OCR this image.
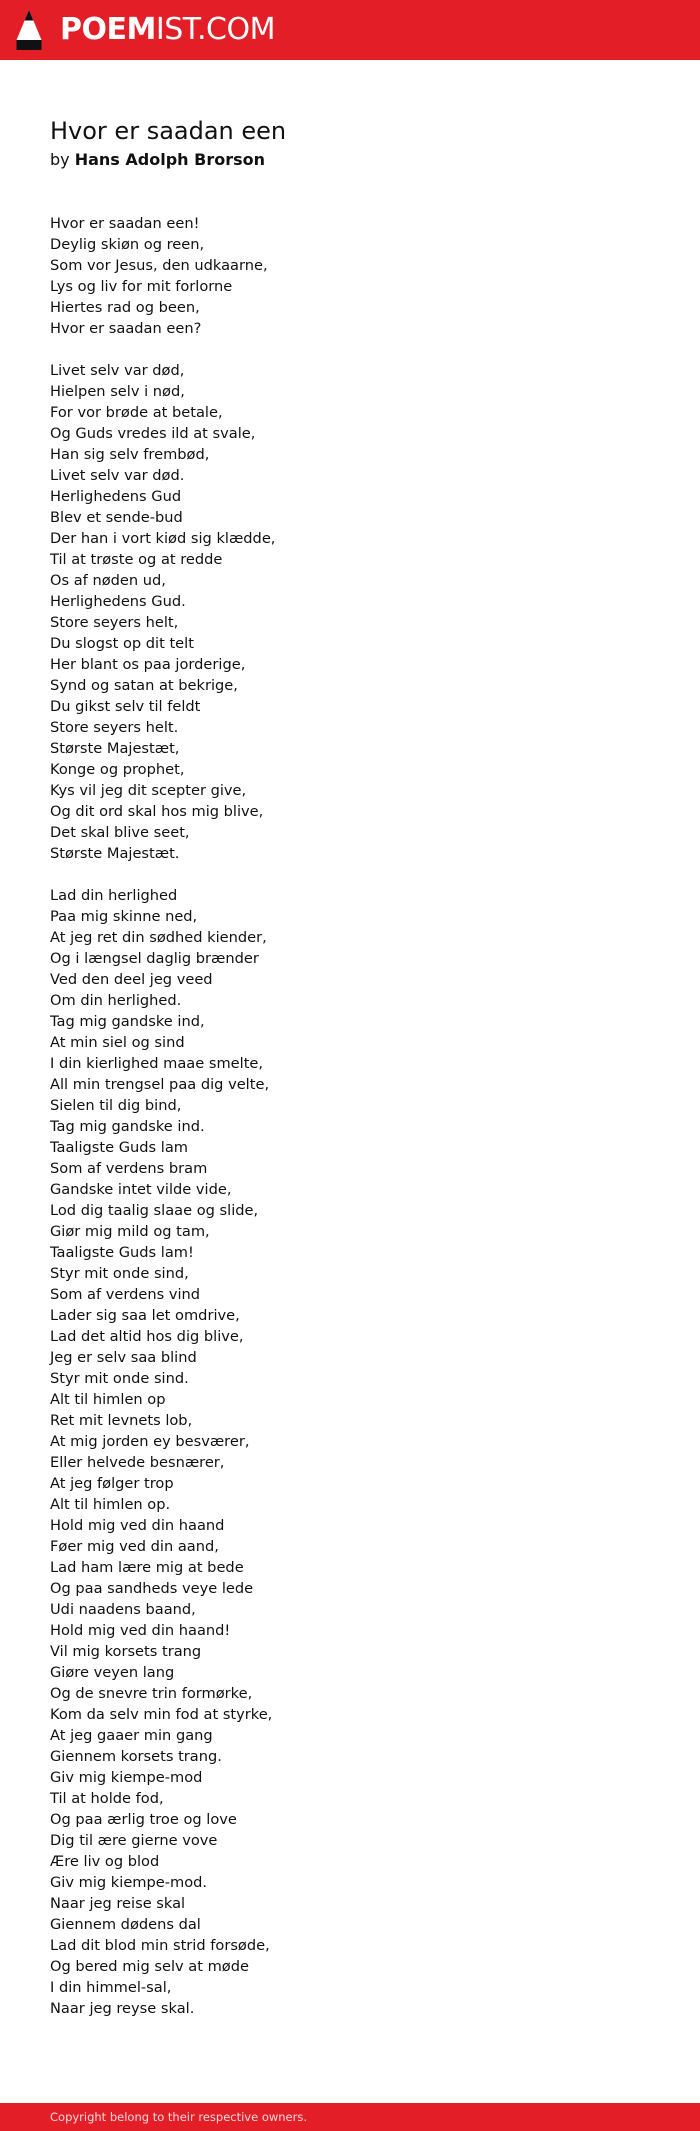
POEMIST.COM
Hvor er saadan een
by Hans Adolph Brorson
Hvor er saadan een!
Deylig skiøn og reen,
Som vor Jesus, den udkaarne,
Lys og liv for mit forlorne
Hiertes rad og been,
Hvor er saadan een?
Livet selv var død,
Hielpen selv i nød,
For vor brøde at betale,
Og Guds vredes ild at svale,
Han sig selv frembød,
Livet selv var død.
Herlighedens Gud
Blev et sende-bud
Der han i vort kiød sig klædde,
Til at trøste og at redde
Os af nøden ud,
Herlighedens Gud.
Store seyers helt,
Du slogst op dit telt
Her blant os paa jorderige,
Synd og satan at bekrige,
Du gikst selv til feldt
Store seyers helt.
Største Majestæt,
Konge og prophet,
Kys vil jeg dit scepter give,
Og dit ord skal hos mig blive,
Det skal blive seet,
Største Majestæt.
Lad din herlighed
Paa mig skinne ned,
At jeg ret din sødhed kiender,
Og i længsel daglig brænder
Ved den deel jeg veed
Om din herlighed.
Tag mig gandske ind,
At min siel og sind
I din kierlighed maae smelte,
All min trengsel paa dig velte,
Sielen til dig bind,
Tag mig gandske ind.
Taaligste Guds lam
Som af verdens bram
Gandske intet vilde vide,
Lod dig taalig slaae og slide,
Giør mig mild og tam,
Taaligste Guds lam!
Styr mit onde sind,
Som af verdens vind
Lader sig saa let omdrive,
Lad det altid hos dig blive,
Jeg er selv saa blind
Styr mit onde sind.
Alt til himlen op
Ret mit levnets lob,
At mig jorden ey besværer,
Eller helvede besnærer,
At jeg følger trop
Alt til himlen op.
Hold mig ved din haand
Føer mig ved din aand,
Lad ham lære mig at bede
Og paa sandheds veye lede
Udi naadens baand,
Hold mig ved din haand!
Vil mig korsets trang
Giøre veyen lang
Og de snevre trin formørke,
Kom da selv min fod at styrke,
At jeg gaaer min gang
Giennem korsets trang.
Giv mig kiempe-mod
Til at holde fod,
Og paa ærlig troe og love
Dig til ære gierne vove
Ære liv og blod
Giv mig kiempe-mod.
Naar jeg reise skal
Giennem dødens dal
Lad dit blod min strid forsøde,
Og bered mig selv at møde
I din himmel-sal,
Naar jeg reyse skal.
Copyright belong to their respective owners.
